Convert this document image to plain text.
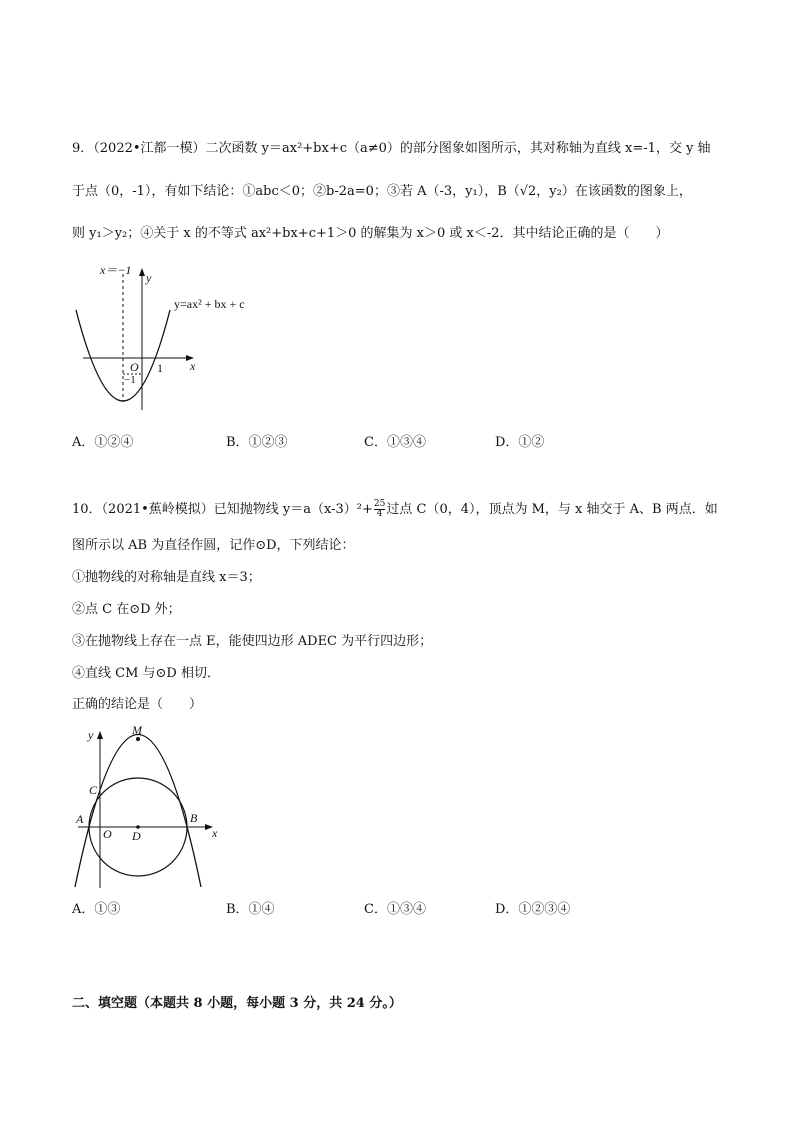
9．（2022•江都一模）二次函数 y＝ax²+bx+c（a≠0）的部分图象如图所示，其对称轴为直线 x=-1，交 y 轴
于点（0，-1），有如下结论：①abc＜0；②b-2a=0；③若 A（-3，y₁），B（√2，y₂）在该函数的图象上，
则 y₁＞y₂；④关于 x 的不等式 ax²+bx+c+1＞0 的解集为 x＞0 或 x＜-2．其中结论正确的是（　　）
x＝−1
y=ax² + bx + c
y
x
O 1
−1
A．①②④	B．①②③	C．①③④	D．①②
10．（2021•蕉岭模拟）已知抛物线 $y=a(x-3)^2+ \frac{25}{4}$ 过点 C（0，4），顶点为 M，与 x 轴交于 A、B 两点．如
图所示以 AB 为直径作圆，记作⊙D，下列结论：
①抛物线的对称轴是直线 x＝3；
②点 C 在⊙D 外；
③在抛物线上存在一点 E，能使四边形 ADEC 为平行四边形；
④直线 CM 与⊙D 相切．
正确的结论是（　　）
y
x
M
C
A
O D
B
A．①③	B．①④	C．①③④	D．①②③④
二、填空题（本题共 8 小题，每小题 3 分，共 24 分。）
